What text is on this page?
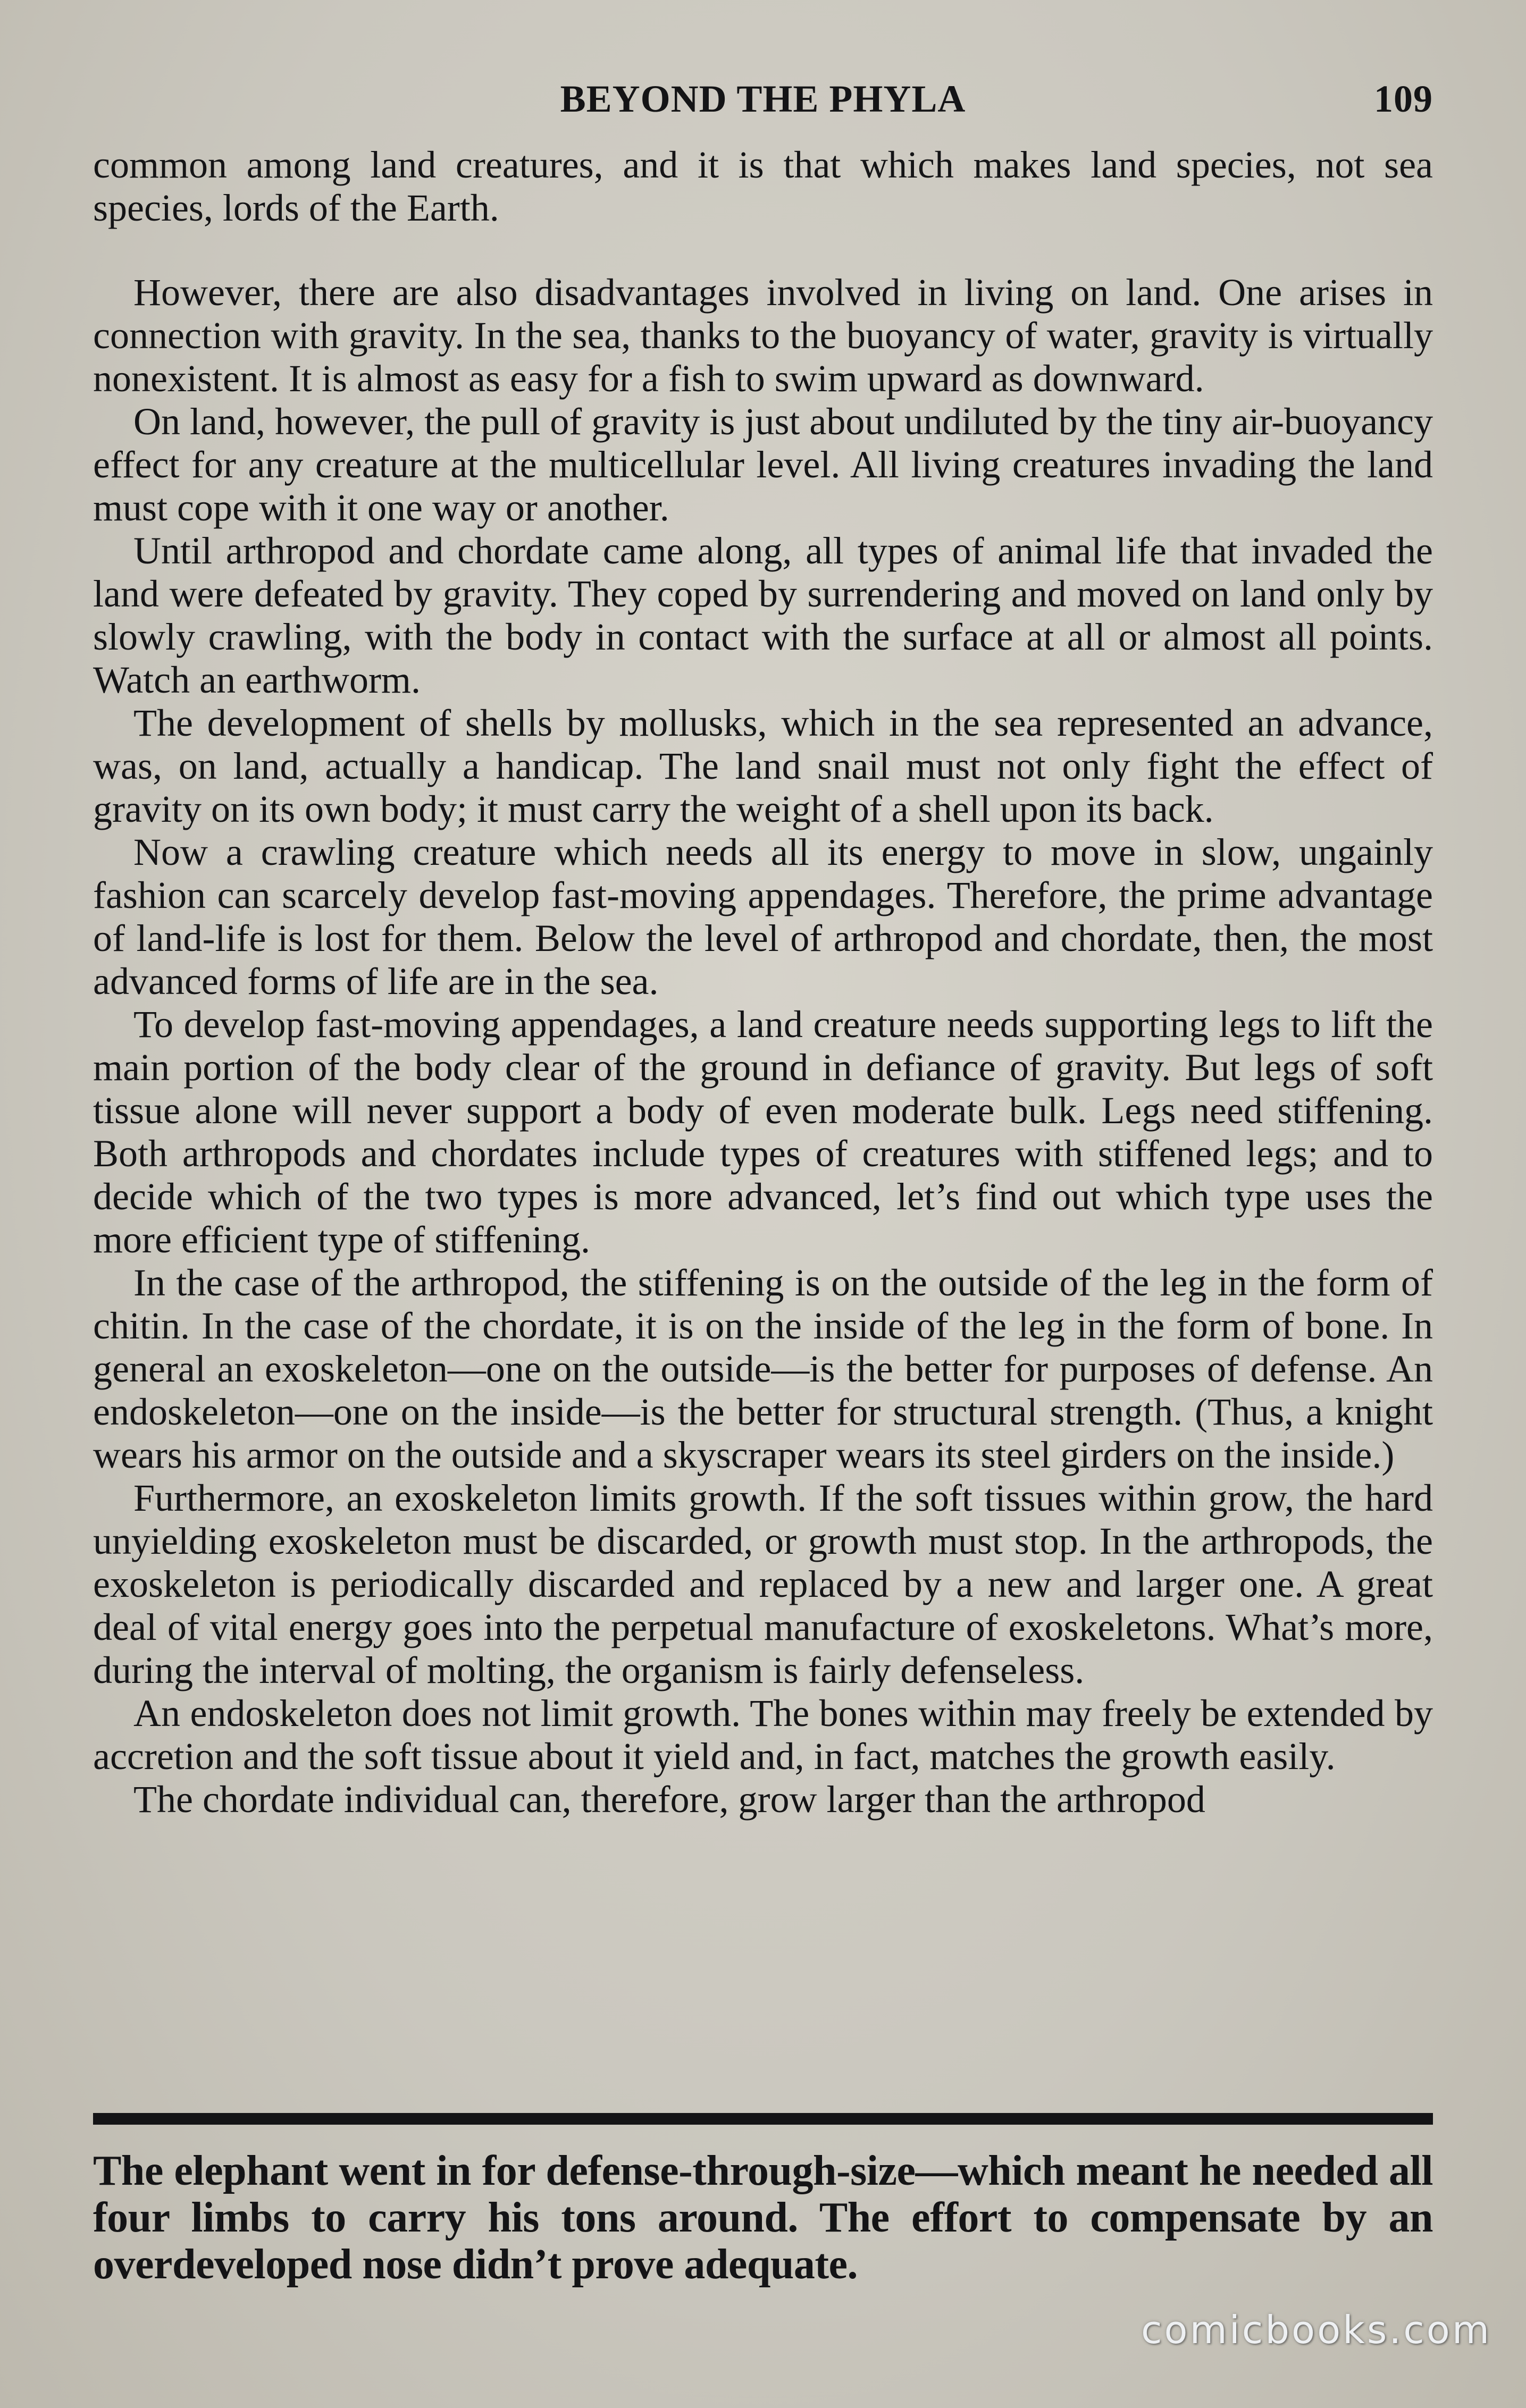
BEYOND THE PHYLA	109

common among land creatures, and it is that which makes land species, not sea species, lords of the Earth.

However, there are also disadvantages involved in living on land. One arises in connection with gravity. In the sea, thanks to the buoyancy of water, gravity is virtually nonexistent. It is almost as easy for a fish to swim upward as downward.

On land, however, the pull of gravity is just about undiluted by the tiny air-buoyancy effect for any creature at the multicellular level. All living creatures invading the land must cope with it one way or another.

Until arthropod and chordate came along, all types of animal life that invaded the land were defeated by gravity. They coped by surrendering and moved on land only by slowly crawling, with the body in contact with the surface at all or almost all points. Watch an earthworm.

The development of shells by mollusks, which in the sea represented an advance, was, on land, actually a handicap. The land snail must not only fight the effect of gravity on its own body; it must carry the weight of a shell upon its back.

Now a crawling creature which needs all its energy to move in slow, ungainly fashion can scarcely develop fast-moving appendages. Therefore, the prime advantage of land-life is lost for them. Below the level of arthropod and chordate, then, the most advanced forms of life are in the sea.

To develop fast-moving appendages, a land creature needs supporting legs to lift the main portion of the body clear of the ground in defiance of gravity. But legs of soft tissue alone will never support a body of even moderate bulk. Legs need stiffening. Both arthropods and chordates include types of creatures with stiffened legs; and to decide which of the two types is more advanced, let’s find out which type uses the more efficient type of stiffening.

In the case of the arthropod, the stiffening is on the outside of the leg in the form of chitin. In the case of the chordate, it is on the inside of the leg in the form of bone. In general an exoskeleton—one on the outside—is the better for purposes of defense. An endoskeleton—one on the inside—is the better for structural strength. (Thus, a knight wears his armor on the outside and a skyscraper wears its steel girders on the inside.)

Furthermore, an exoskeleton limits growth. If the soft tissues within grow, the hard unyielding exoskeleton must be discarded, or growth must stop. In the arthropods, the exoskeleton is periodically discarded and replaced by a new and larger one. A great deal of vital energy goes into the perpetual manufacture of exoskeletons. What’s more, during the interval of molting, the organism is fairly defenseless.

An endoskeleton does not limit growth. The bones within may freely be extended by accretion and the soft tissue about it yield and, in fact, matches the growth easily.

The chordate individual can, therefore, grow larger than the arthropod

The elephant went in for defense-through-size—which meant he needed all four limbs to carry his tons around. The effort to compensate by an overdeveloped nose didn’t prove adequate.
comicbooks.com
